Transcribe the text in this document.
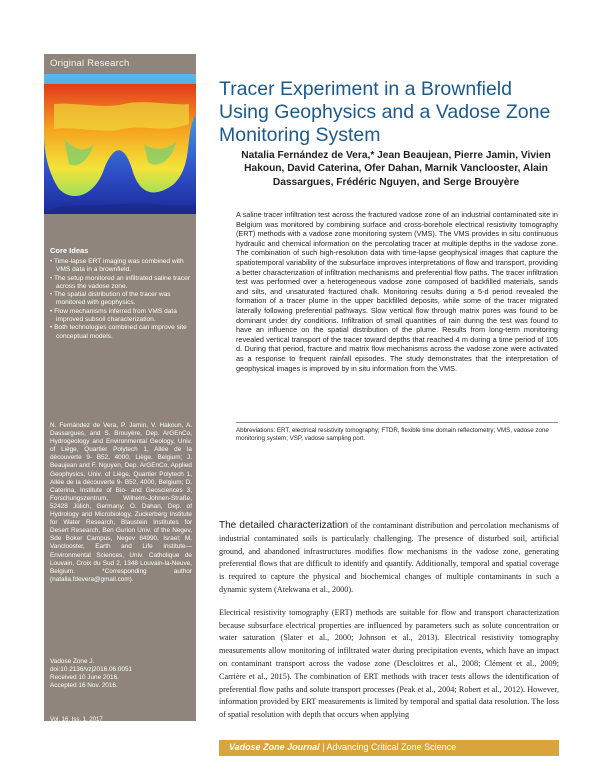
Original Research
Core Ideas
• Time-lapse ERT imaging was combined with VMS data in a brownfield.
• The setup monitored an infiltrated saline tracer across the vadose zone.
• The spatial distribution of the tracer was monitored with geophysics.
• Flow mechanisms inferred from VMS data improved subsoil characterization.
• Both technologies combined can improve site conceptual models.
N. Fernández de Vera, P. Jamin, V. Hakoun, A. Dassargues, and S. Brouyère, Dep. ArGEnCo, Hydrogeology and Environmental Geology, Univ. of Liège, Quartier Polytech 1, Allée de la découverte 9- B52, 4000, Liège, Belgium; J. Beaujean and F. Nguyen, Dep. ArGEnCo, Applied Geophysics, Univ. of Liège, Quartier Polytech 1, Allée de la découverte 9- B52, 4000, Belgium; D. Caterina, Institute of Bio- and Geosciences 3, Forschungszentrum, Wilhelm-Johnen-Straße, 52428 Jülich, Germany; O. Dahan, Dep. of Hydrology and Microbiology, Zuckerberg Institute for Water Research, Blaustein Institutes for Desert Research, Ben Gurion Univ. of the Negev, Sde Boker Campus, Negev 84990, Israel; M. Vanclooster, Earth and Life Institute—Environmental Sciences, Univ. Catholique de Louvain, Croix du Sud 2, 1348 Louvain-la-Neuve, Belgium. *Corresponding author (natalia.fdevera@gmail.com).
Vadose Zone J.
doi:10.2136/vzj2016.06.0051
Received 10 June 2016.
Accepted 16 Nov. 2016.
Vol. 16, Iss. 1, 2017
© Soil Science Society of America
5585 Guilford Rd., Madison, WI 53711 USA.
All rights reserved.
Tracer Experiment in a Brownfield Using Geophysics and a Vadose Zone Monitoring System
Natalia Fernández de Vera,* Jean Beaujean, Pierre Jamin, Vivien Hakoun, David Caterina, Ofer Dahan, Marnik Vanclooster, Alain Dassargues, Frédéric Nguyen, and Serge Brouyère
A saline tracer infiltration test across the fractured vadose zone of an industrial contaminated site in Belgium was monitored by combining surface and cross-borehole electrical resistivity tomography (ERT) methods with a vadose zone monitoring system (VMS). The VMS provides in situ continuous hydraulic and chemical information on the percolating tracer at multiple depths in the vadose zone. The combination of such high-resolution data with time-lapse geophysical images that capture the spatiotemporal variability of the subsurface improves interpretations of flow and transport, providing a better characterization of infiltration mechanisms and preferential flow paths. The tracer infiltration test was performed over a heterogeneous vadose zone composed of backfilled materials, sands and silts, and unsaturated fractured chalk. Monitoring results during a 5-d period revealed the formation of a tracer plume in the upper backfilled deposits, while some of the tracer migrated laterally following preferential pathways. Slow vertical flow through matrix pores was found to be dominant under dry conditions. Infiltration of small quantities of rain during the test was found to have an influence on the spatial distribution of the plume. Results from long-term monitoring revealed vertical transport of the tracer toward depths that reached 4 m during a time period of 105 d. During that period, fracture and matrix flow mechanisms across the vadose zone were activated as a response to frequent rainfall episodes. The study demonstrates that the interpretation of geophysical images is improved by in situ information from the VMS.
Abbreviations: ERT, electrical resistivity tomography; FTDR, flexible time domain reflectometry; VMS, vadose zone monitoring system; VSP, vadose sampling port.

The detailed characterization of the contaminant distribution and percolation mechanisms of industrial contaminated soils is particularly challenging. The presence of disturbed soil, artificial ground, and abandoned infrastructures modifies flow mechanisms in the vadose zone, generating preferential flows that are difficult to identify and quantify. Additionally, temporal and spatial coverage is required to capture the physical and biochemical changes of multiple contaminants in such a dynamic system (Atekwana et al., 2000).

Electrical resistivity tomography (ERT) methods are suitable for flow and transport characterization because subsurface electrical properties are influenced by parameters such as solute concentration or water saturation (Slater et al., 2000; Johnson et al., 2013). Electrical resistivity tomography measurements allow monitoring of infiltrated water during precipitation events, which have an impact on contaminant transport across the vadose zone (Descloitres et al., 2008; Clément et al., 2009; Carrière et al., 2015). The combination of ERT methods with tracer tests allows the identification of preferential flow paths and solute transport processes (Peak et al., 2004; Robert et al., 2012). However, information provided by ERT measurements is limited by temporal and spatial data resolution. The loss of spatial resolution with depth that occurs when applying

Vadose Zone Journal | Advancing Critical Zone Science
